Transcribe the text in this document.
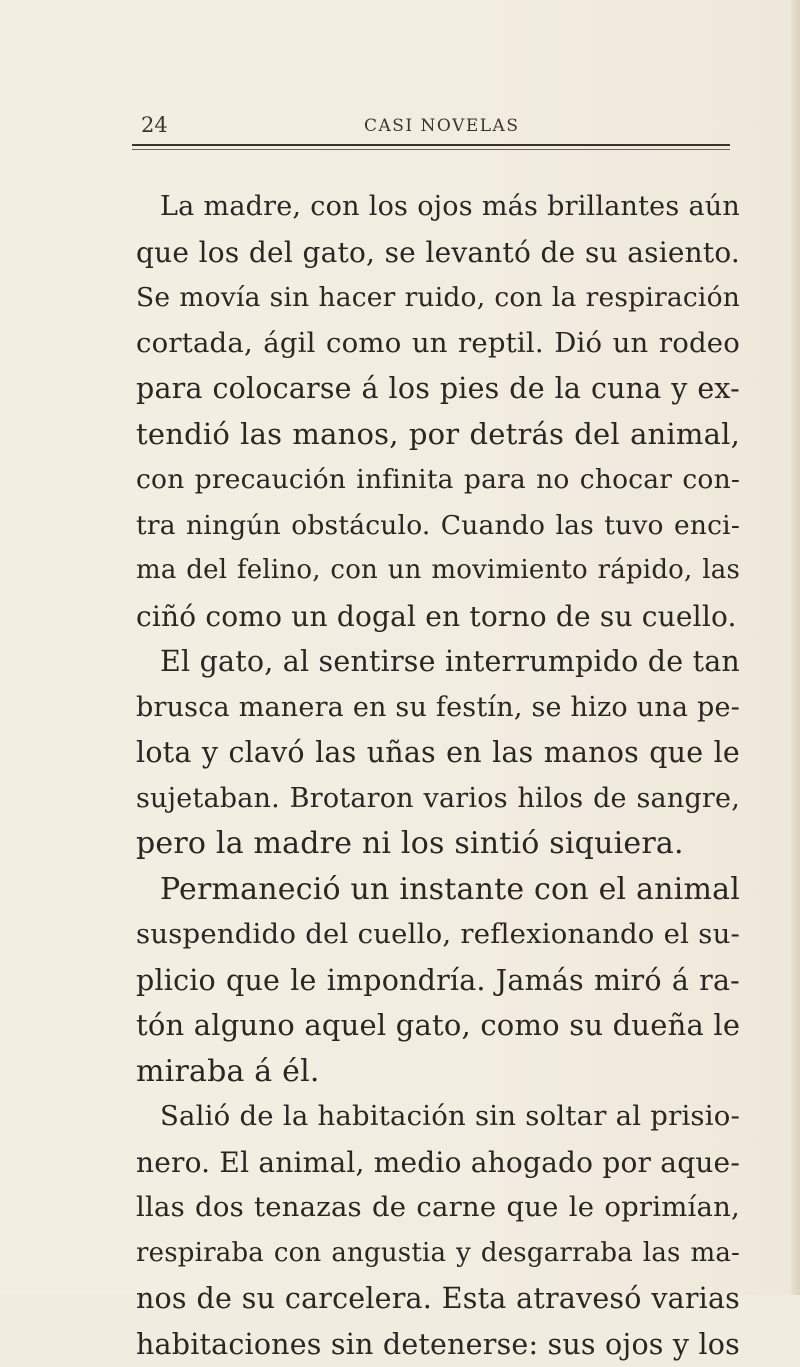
24	CASI NOVELAS
La madre, con los ojos más brillantes aún
que los del gato, se levantó de su asiento.
Se movía sin hacer ruido, con la respiración
cortada, ágil como un reptil. Dió un rodeo
para colocarse á los pies de la cuna y ex-
tendió las manos, por detrás del animal,
con precaución infinita para no chocar con-
tra ningún obstáculo. Cuando las tuvo enci-
ma del felino, con un movimiento rápido, las
ciñó como un dogal en torno de su cuello.
El gato, al sentirse interrumpido de tan
brusca manera en su festín, se hizo una pe-
lota y clavó las uñas en las manos que le
sujetaban. Brotaron varios hilos de sangre,
pero la madre ni los sintió siquiera.
Permaneció un instante con el animal
suspendido del cuello, reflexionando el su-
plicio que le impondría. Jamás miró á ra-
tón alguno aquel gato, como su dueña le
miraba á él.
Salió de la habitación sin soltar al prisio-
nero. El animal, medio ahogado por aque-
llas dos tenazas de carne que le oprimían,
respiraba con angustia y desgarraba las ma-
nos de su carcelera. Esta atravesó varias
habitaciones sin detenerse: sus ojos y los
